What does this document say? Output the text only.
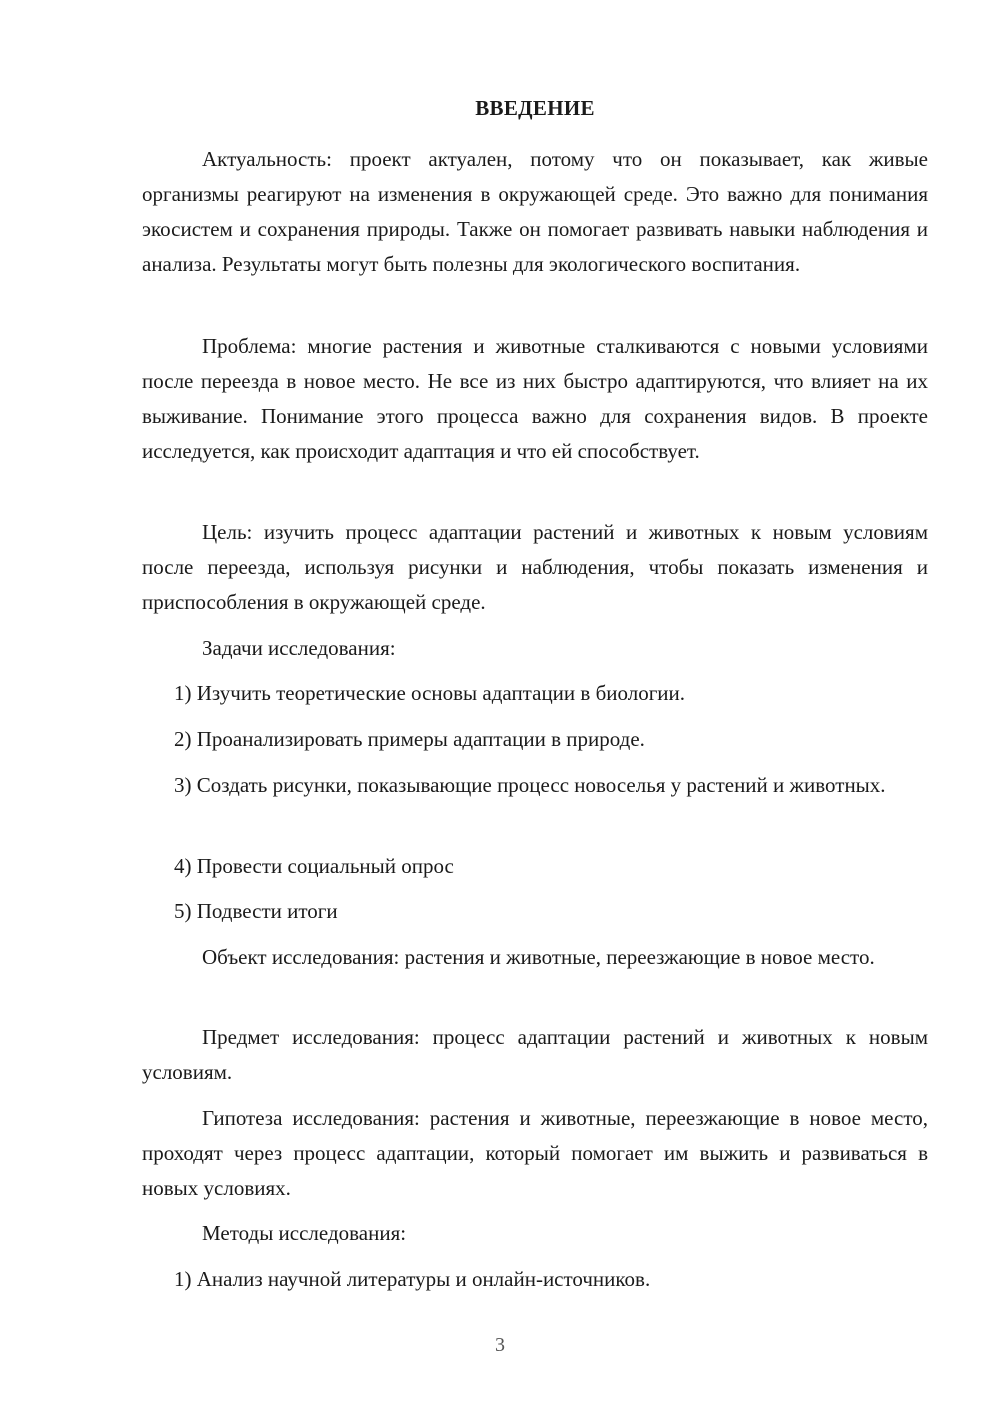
ВВЕДЕНИЕ

Актуальность: проект актуален, потому что он показывает, как живые организмы реагируют на изменения в окружающей среде. Это важно для понимания экосистем и сохранения природы. Также он помогает развивать навыки наблюдения и анализа. Результаты могут быть полезны для экологического воспитания.

Проблема: многие растения и животные сталкиваются с новыми условиями после переезда в новое место. Не все из них быстро адаптируются, что влияет на их выживание. Понимание этого процесса важно для сохранения видов. В проекте исследуется, как происходит адаптация и что ей способствует.

Цель: изучить процесс адаптации растений и животных к новым условиям после переезда, используя рисунки и наблюдения, чтобы показать изменения и приспособления в окружающей среде.

Задачи исследования:

1) Изучить теоретические основы адаптации в биологии.

2) Проанализировать примеры адаптации в природе.

3) Создать рисунки, показывающие процесс новоселья у растений и животных.

4) Провести социальный опрос

5) Подвести итоги

Объект исследования: растения и животные, переезжающие в новое место.

Предмет исследования: процесс адаптации растений и животных к новым условиям.

Гипотеза исследования: растения и животные, переезжающие в новое место, проходят через процесс адаптации, который помогает им выжить и развиваться в новых условиях.

Методы исследования:

1) Анализ научной литературы и онлайн-источников.

3
